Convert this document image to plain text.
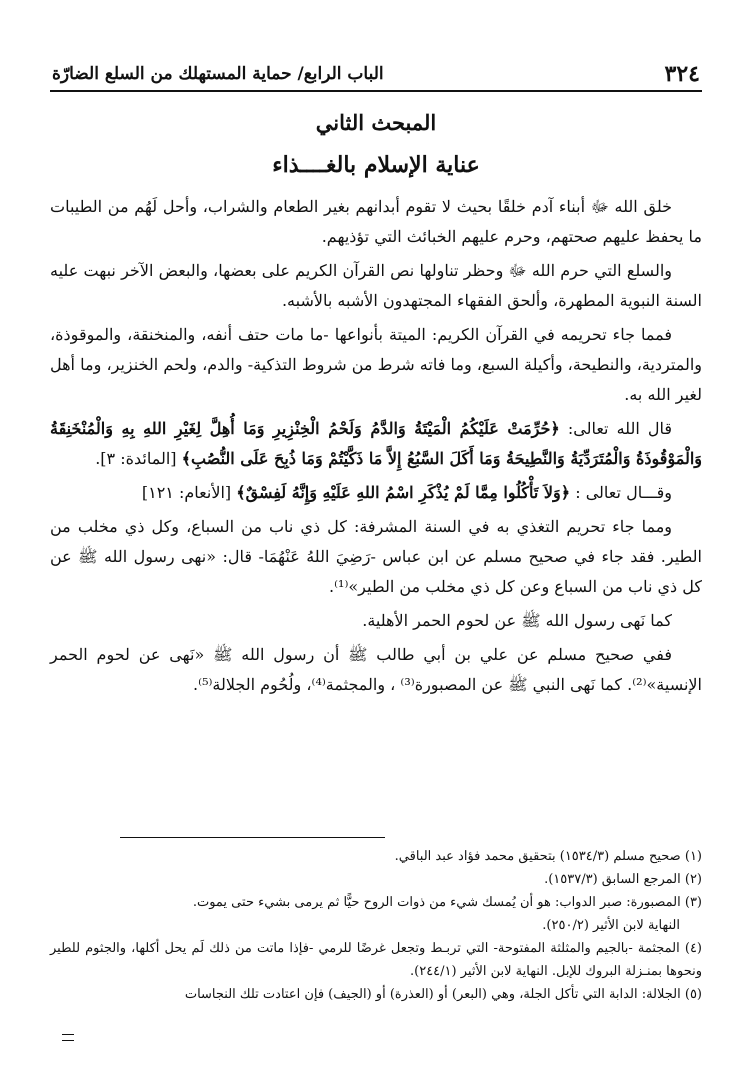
٣٢٤
الباب الرابع/ حماية المستهلك من السلع الضارّة
المبحث الثاني
عناية الإسلام بالغــــذاء

خلق الله ﷻ أبناء آدم خلقًا بحيث لا تقوم أبدانهم بغير الطعام والشراب، وأحل لَهُم من الطيبات ما يحفظ عليهم صحتهم، وحرم عليهم الخبائث التي تؤذيهم.

والسلع التي حرم الله ﷻ وحظر تناولها نص القرآن الكريم على بعضها، والبعض الآخر نبهت عليه السنة النبوية المطهرة، وألحق الفقهاء المجتهدون الأشبه بالأشبه.

فمما جاء تحريمه في القرآن الكريم: الميتة بأنواعها -ما مات حتف أنفه، والمنخنقة، والموقوذة، والمتردية، والنطيحة، وأكيلة السبع، وما فاته شرط من شروط التذكية- والدم، ولحم الخنزير، وما أهل لغير الله به.

قال الله تعالى: ﴿حُرِّمَتْ عَلَيْكُمُ الْمَيْتَةُ وَالدَّمُ وَلَحْمُ الْخِنْزِيرِ وَمَا أُهِلَّ لِغَيْرِ اللهِ بِهِ وَالْمُنْخَنِقَةُ وَالْمَوْقُوذَةُ وَالْمُتَرَدِّيَةُ وَالنَّطِيحَةُ وَمَا أَكَلَ السَّبُعُ إِلاَّ مَا ذَكَّيْتُمْ وَمَا ذُبِحَ عَلَى النُّصُبِ﴾ [المائدة: ٣].

وقـــال تعالى : ﴿وَلاَ تَأْكُلُوا مِمَّا لَمْ يُذْكَرِ اسْمُ اللهِ عَلَيْهِ وَإِنَّهُ لَفِسْقٌ﴾ [الأنعام: ١٢١]

ومما جاء تحريم التغذي به في السنة المشرفة: كل ذي ناب من السباع، وكل ذي مخلب من الطير. فقد جاء في صحيح مسلم عن ابن عباس -رَضِيَ اللهُ عَنْهُمَا- قال: «نهى رسول الله ﷺ عن كل ذي ناب من السباع وعن كل ذي مخلب من الطير»⁽¹⁾.

كما نَهى رسول الله ﷺ عن لحوم الحمر الأهلية.

ففي صحيح مسلم عن علي بن أبي طالب ﷺ أن رسول الله ﷺ «نَهى عن لحوم الحمر الإنسية»⁽²⁾. كما نَهى النبي ﷺ عن المصبورة⁽³⁾ ، والمجثمة⁽⁴⁾، ولُحُوم الجلالة⁽⁵⁾.

(١) صحيح مسلم (١٥٣٤/٣) بتحقيق محمد فؤاد عبد الباقي.

(٢) المرجع السابق (١٥٣٧/٣).

(٣) المصبورة: صبر الدواب: هو أن يُمسك شيء من ذوات الروح حيًّا ثم يرمى بشيء حتى يموت.

النهاية لابن الأثير (٢٥٠/٢).

(٤) المجثمة -بالجيم والمثلثة المفتوحة- التي تربـط وتجعل غرضًا للرمي -فإذا ماتت من ذلك لَم يحل أكلها، والجثوم للطير ونحوها بمنـزلة البروك للإبل. النهاية لابن الأثير (٢٤٤/١).

(٥) الجلالة: الدابة التي تأكل الجلة، وهي (البعر) أو (العذرة) أو (الجيف) فإن اعتادت تلك النجاسات
